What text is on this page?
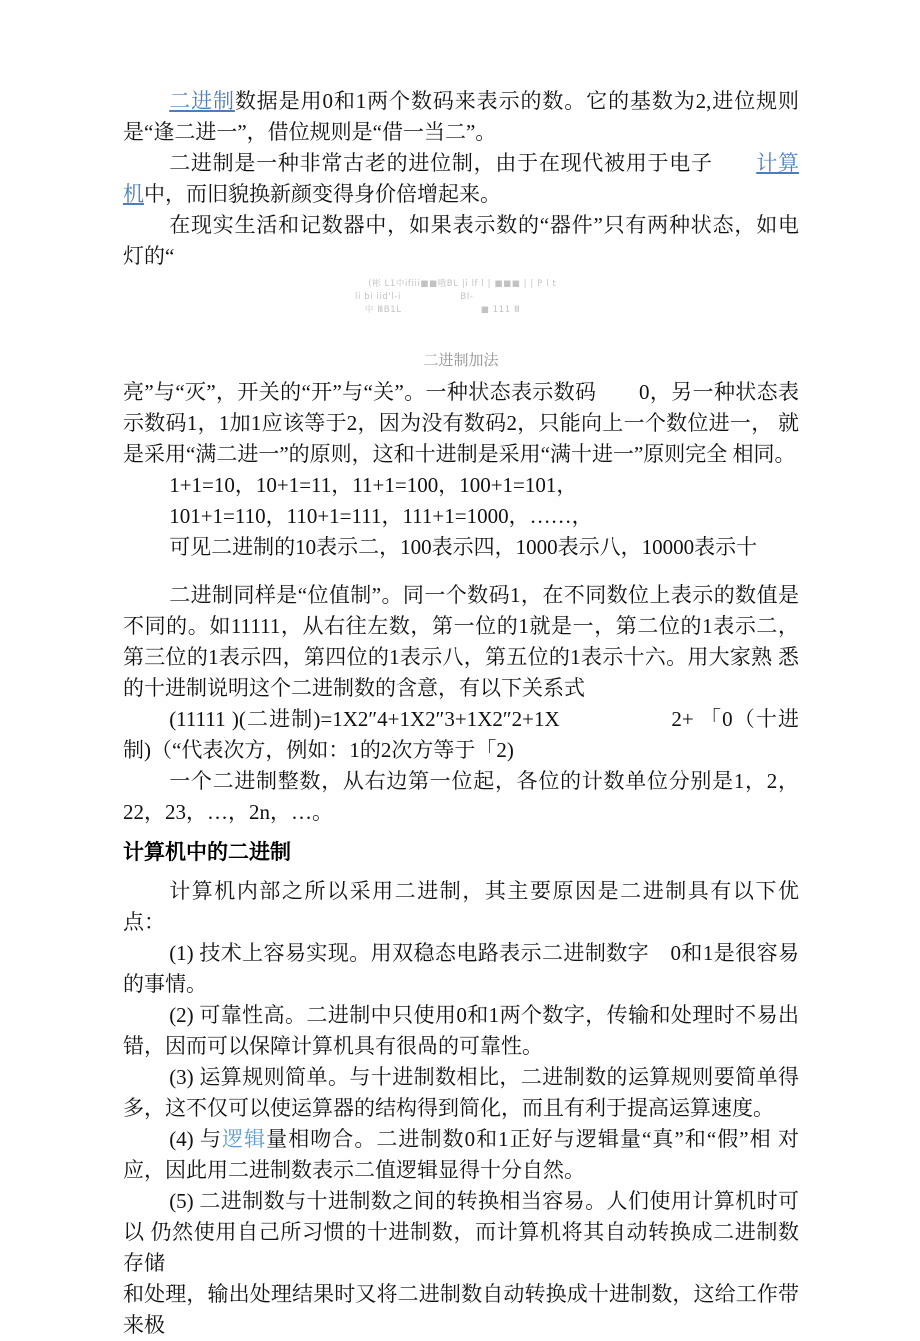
二进制数据是用0和1两个数码来表示的数。它的基数为2,进位规则 是“逢二进一”，借位规则是“借一当二”。

二进制是一种非常古老的进位制，由于在现代被用于电子　　计算机中，而旧貌换新颜变得身价倍增起来。

在现实生活和记数器中，如果表示数的“器件”只有两种状态，如电 灯的“

(彬 L1中ifiii■■哦BL |i lf l | ■■■ | | P l t
li bi iid'l-i                  BI-
中 ⅢB1L                        ■ 111 Ⅲ
二进制加法

亮”与“灭”，开关的“开”与“关”。一种状态表示数码　　0，另一种状态表示数码1，1加1应该等于2，因为没有数码2，只能向上一个数位进一， 就是采用“满二进一”的原则，这和十进制是采用“满十进一”原则完全 相同。

1+1=10，10+1=11，11+1=100，100+1=101，

101+1=110，110+1=111，111+1=1000，……，

可见二进制的10表示二，100表示四，1000表示八，10000表示十

二进制同样是“位值制”。同一个数码1，在不同数位上表示的数值是 不同的。如11111，从右往左数，第一位的1就是一，第二位的1表示二，第三位的1表示四，第四位的1表示八，第五位的1表示十六。用大家熟 悉的十进制说明这个二进制数的含意，有以下关系式

(11111 )(二进制)=1X2″4+1X2″3+1X2″2+1X　　　　　2+ 「0（十进制)（“代表次方，例如：1的2次方等于「2)

一个二进制整数，从右边第一位起，各位的计数单位分别是1，2，22，23，…，2n，…。

计算机中的二进制

计算机内部之所以采用二进制，其主要原因是二进制具有以下优点：

(1) 技术上容易实现。用双稳态电路表示二进制数字　0和1是很容易的事情。

(2) 可靠性高。二进制中只使用0和1两个数字，传输和处理时不易出 错，因而可以保障计算机具有很咼的可靠性。

(3) 运算规则简单。与十进制数相比，二进制数的运算规则要简单得多，这不仅可以使运算器的结构得到简化，而且有利于提高运算速度。

(4) 与逻辑量相吻合。二进制数0和1正好与逻辑量“真”和“假”相 对应，因此用二进制数表示二值逻辑显得十分自然。

(5) 二进制数与十进制数之间的转换相当容易。人们使用计算机时可以 仍然使用自己所习惯的十进制数，而计算机将其自动转换成二进制数存储

和处理，输出处理结果时又将二进制数自动转换成十进制数，这给工作带 来极
